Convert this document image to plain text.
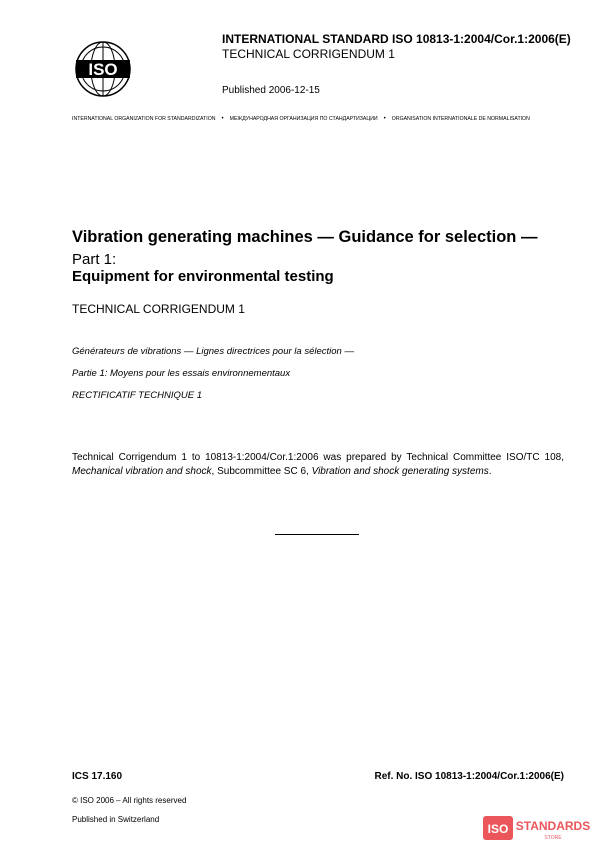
ISO
INTERNATIONAL STANDARD ISO 10813-1:2004/Cor.1:2006(E)
TECHNICAL CORRIGENDUM 1
Published 2006-12-15
INTERNATIONAL ORGANIZATION FOR STANDARDIZATION • МЕЖДУНАРОДНАЯ ОРГАНИЗАЦИЯ ПО СТАНДАРТИЗАЦИИ • ORGANISATION INTERNATIONALE DE NORMALISATION
Vibration generating machines — Guidance for selection —
Part 1:
Equipment for environmental testing
TECHNICAL CORRIGENDUM 1
Générateurs de vibrations — Lignes directrices pour la sélection —
Partie 1: Moyens pour les essais environnementaux
RECTIFICATIF TECHNIQUE 1
Technical Corrigendum 1 to 10813-1:2004/Cor.1:2006 was prepared by Technical Committee ISO/TC 108, Mechanical vibration and shock, Subcommittee SC 6, Vibration and shock generating systems.
ICS 17.160	Ref. No. ISO 10813-1:2004/Cor.1:2006(E)
© ISO 2006 – All rights reserved
Published in Switzerland
ISO STANDARDS
STORE
